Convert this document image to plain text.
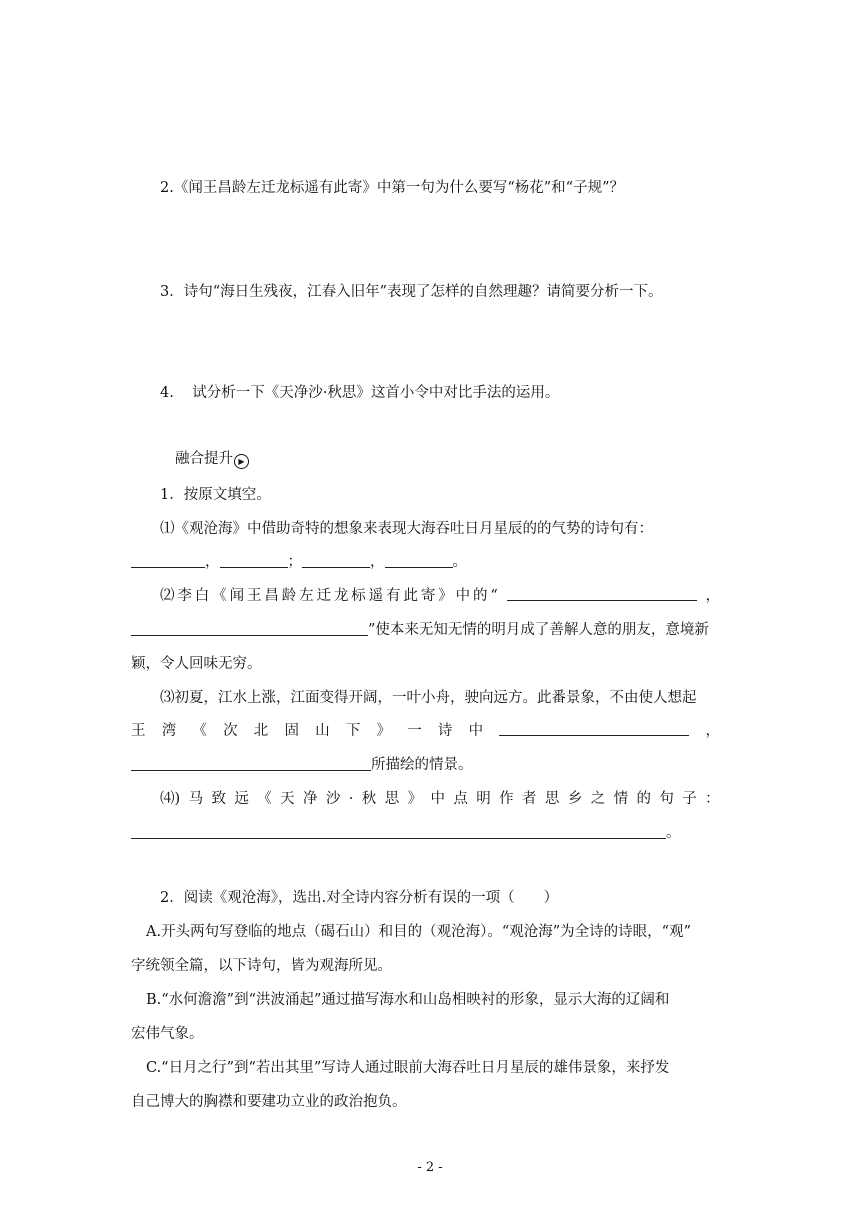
2.《闻王昌龄左迁龙标遥有此寄》中第一句为什么要写“杨花”和“子规”？
3．诗句“海日生残夜，江春入旧年”表现了怎样的自然理趣？请简要分析一下。
4. 试分析一下《天净沙·秋思》这首小令中对比手法的运用。
融合提升 ▶
1．按原文填空。
⑴《观沧海》中借助奇特的想象来表现大海吞吐日月星辰的的气势的诗句有：
，	；	，	。
⑵ 李 白 《 闻 王 昌 龄 左 迁 龙 标 遥 有 此 寄 》 中 的 “	，
”使本来无知无情的明月成了善解人意的朋友，意境新
颖，令人回味无穷。
⑶初夏，江水上涨，江面变得开阔，一叶小舟，驶向远方。此番景象，不由使人想起
王 湾 《 次 北 固 山 下 》 一 诗 中	，
所描绘的情景。
⑷) 马 致 远 《 天 净 沙 · 秋 思 》 中 点 明 作 者 思 乡 之 情 的 句 子 ：
。
2．阅读《观沧海》，选出.对全诗内容分析有误的一项（　　）
A.开头两句写登临的地点（碣石山）和目的（观沧海）。“观沧海”为全诗的诗眼，“观”
字统领全篇，以下诗句，皆为观海所见。
B.“水何澹澹”到“洪波涌起”通过描写海水和山岛相映衬的形象，显示大海的辽阔和
宏伟气象。
C.“日月之行”到“若出其里”写诗人通过眼前大海吞吐日月星辰的雄伟景象，来抒发
自己博大的胸襟和要建功立业的政治抱负。
- 2 -
